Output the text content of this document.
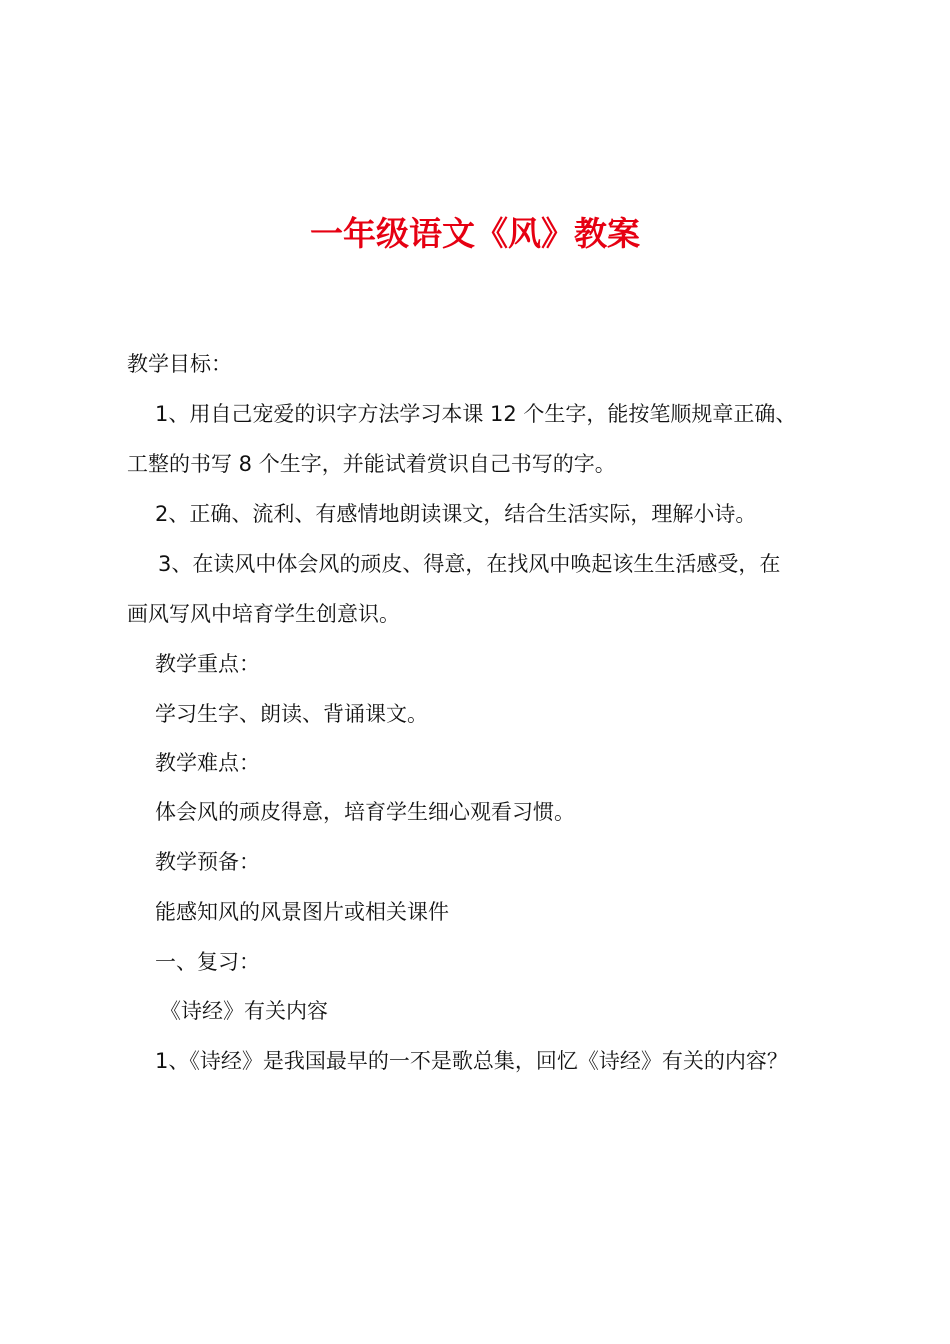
一年级语文《风》教案

教学目标：

1、用自己宠爱的识字方法学习本课 12 个生字，能按笔顺规章正确、

工整的书写 8 个生字，并能试着赏识自己书写的字。

2、正确、流利、有感情地朗读课文，结合生活实际，理解小诗。

3、在读风中体会风的顽皮、得意，在找风中唤起该生生活感受，在

画风写风中培育学生创意识。

教学重点：

学习生字、朗读、背诵课文。

教学难点：

体会风的顽皮得意，培育学生细心观看习惯。

教学预备：

能感知风的风景图片或相关课件

一、复习：

《诗经》有关内容

1、《诗经》是我国最早的一不是歌总集，回忆《诗经》有关的内容？
